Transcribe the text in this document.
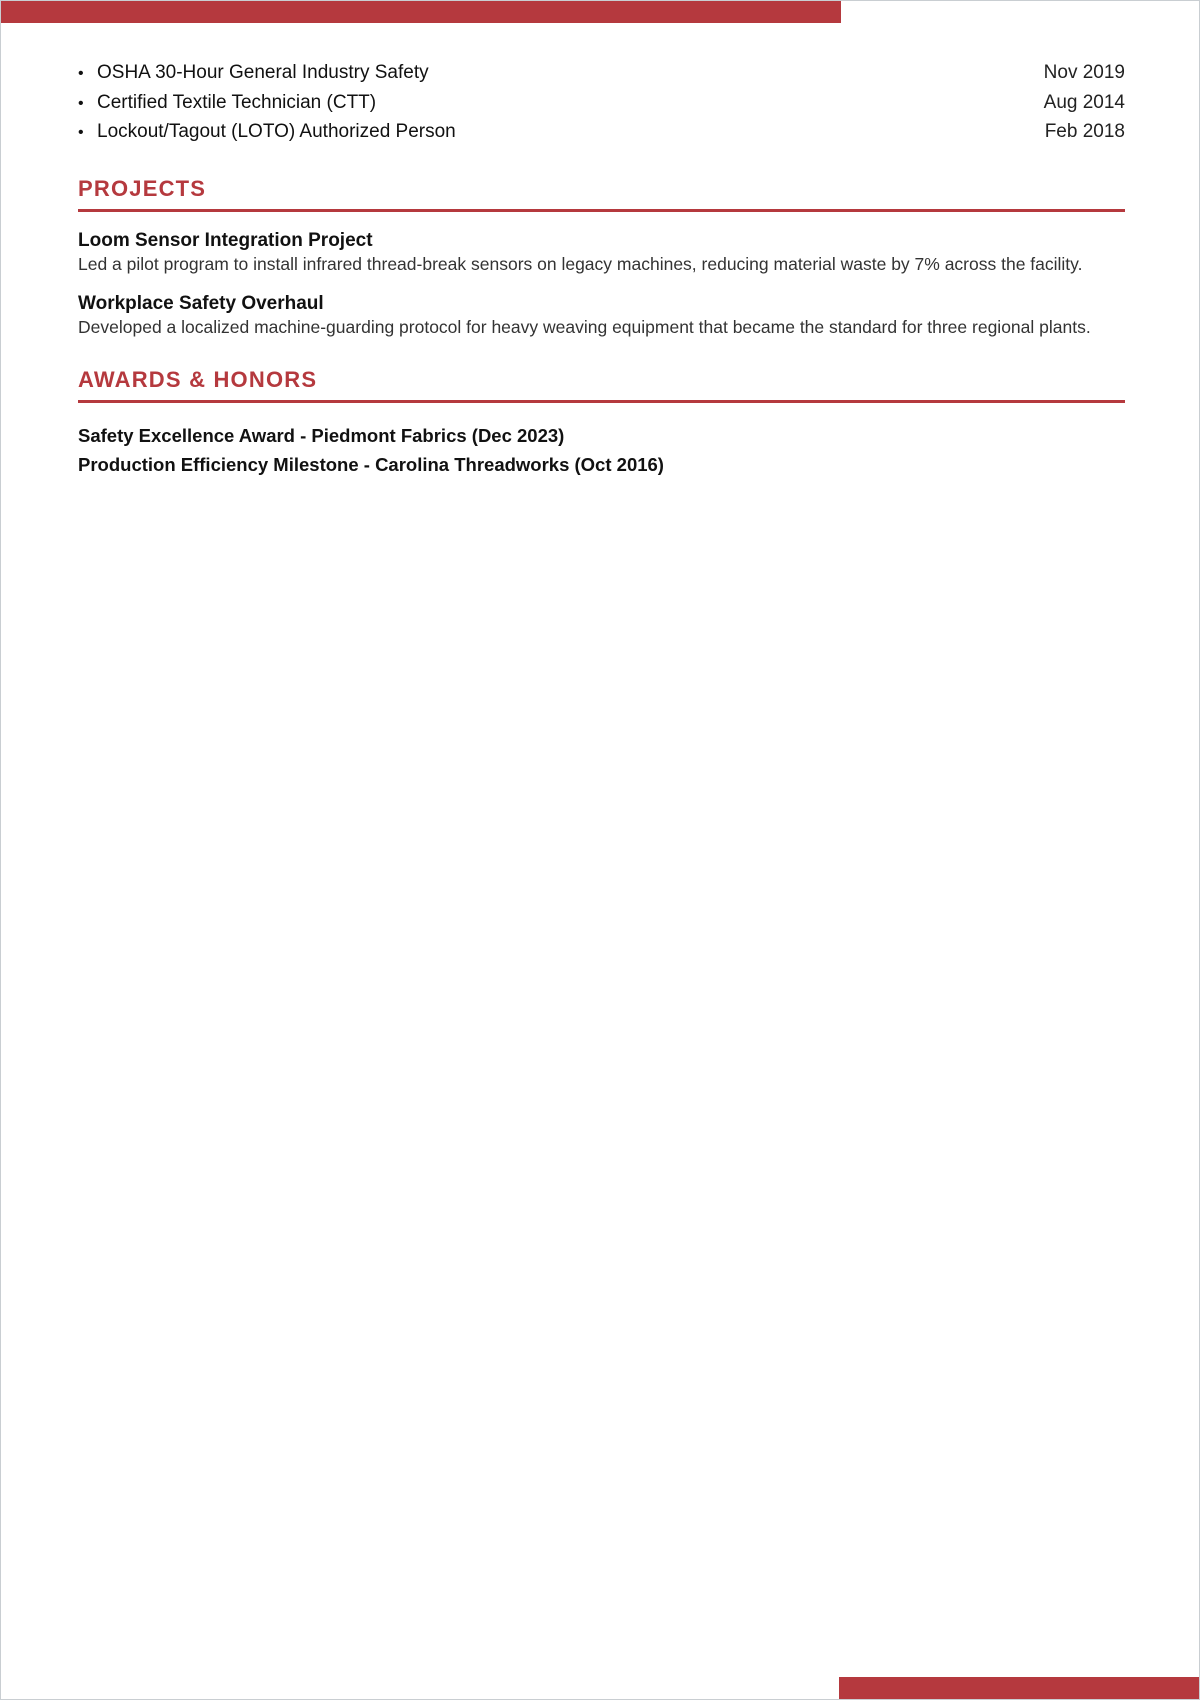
• OSHA 30-Hour General Industry Safety	Nov 2019
• Certified Textile Technician (CTT)	Aug 2014
• Lockout/Tagout (LOTO) Authorized Person	Feb 2018
PROJECTS
Loom Sensor Integration Project
Led a pilot program to install infrared thread-break sensors on legacy machines, reducing material waste by 7% across the facility.
Workplace Safety Overhaul
Developed a localized machine-guarding protocol for heavy weaving equipment that became the standard for three regional plants.
AWARDS & HONORS
Safety Excellence Award - Piedmont Fabrics (Dec 2023)
Production Efficiency Milestone - Carolina Threadworks (Oct 2016)
